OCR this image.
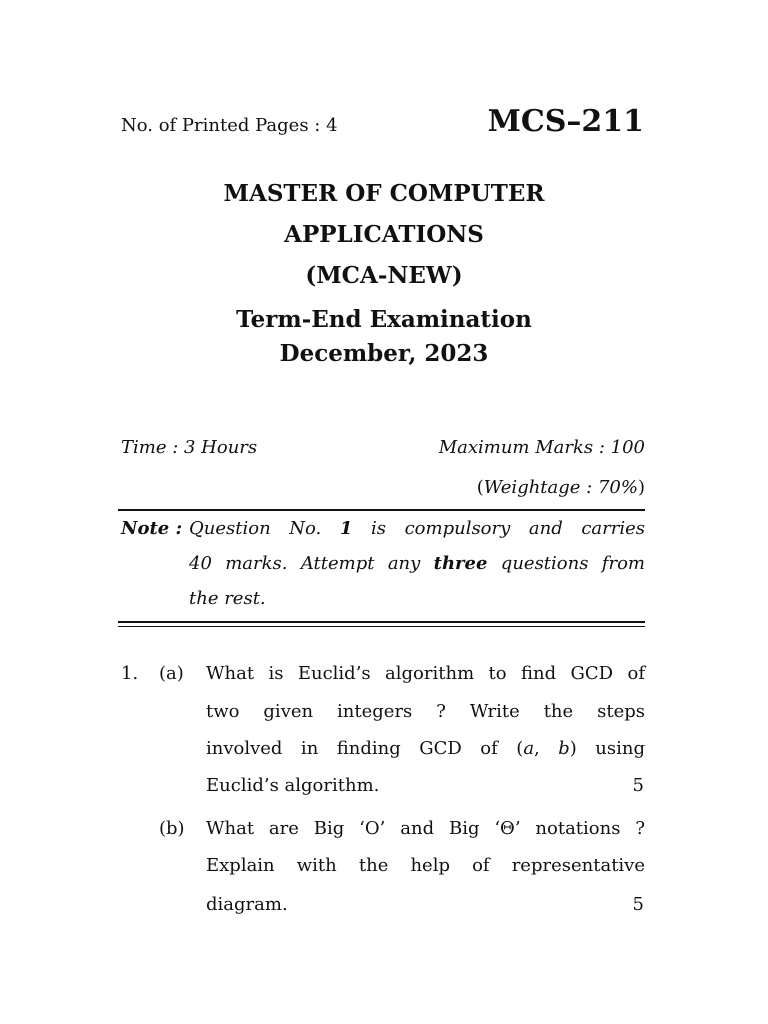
No. of Printed Pages : 4	MCS–211
MASTER OF COMPUTER
APPLICATIONS
(MCA-NEW)
Term-End Examination
December, 2023
Time : 3 Hours	Maximum Marks : 100
(Weightage : 70%)
Note : Question No. 1 is compulsory and carries
40 marks. Attempt any three questions from
the rest.
1. (a) What is Euclid’s algorithm to find GCD of
two given integers ? Write the steps
involved in finding GCD of (a, b) using
Euclid’s algorithm.	5
(b) What are Big ‘O’ and Big ‘Θ’ notations ?
Explain with the help of representative
diagram.	5
